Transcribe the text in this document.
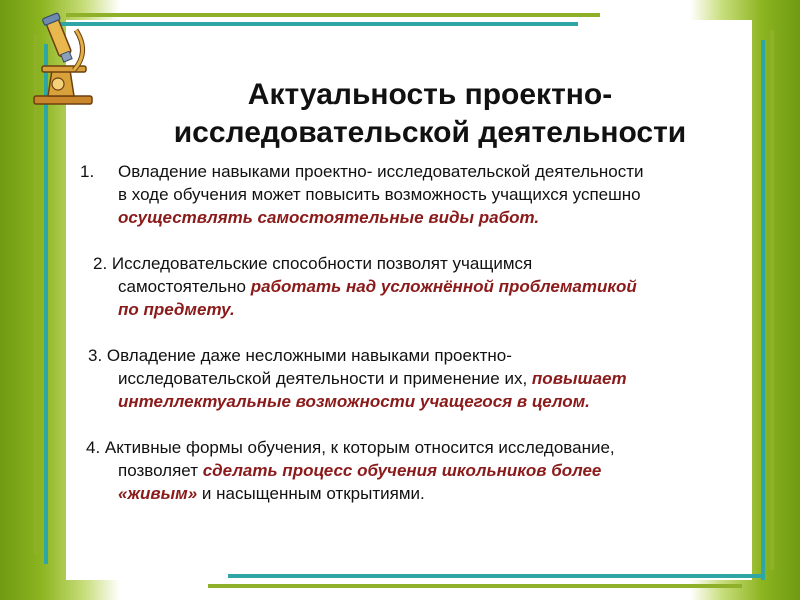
Актуальность проектно-
исследовательской деятельности
1. Овладение навыками проектно- исследовательской деятельности
в ходе обучения может повысить возможность учащихся успешно
осуществлять самостоятельные виды работ.
2. Исследовательские способности позволят учащимся
самостоятельно работать над усложнённой проблематикой
по предмету.
3. Овладение даже несложными навыками проектно-
исследовательской деятельности и применение их, повышает
интеллектуальные возможности учащегося в целом.
4. Активные формы обучения, к которым относится исследование,
позволяет сделать процесс обучения школьников более
«живым» и насыщенным открытиями.
